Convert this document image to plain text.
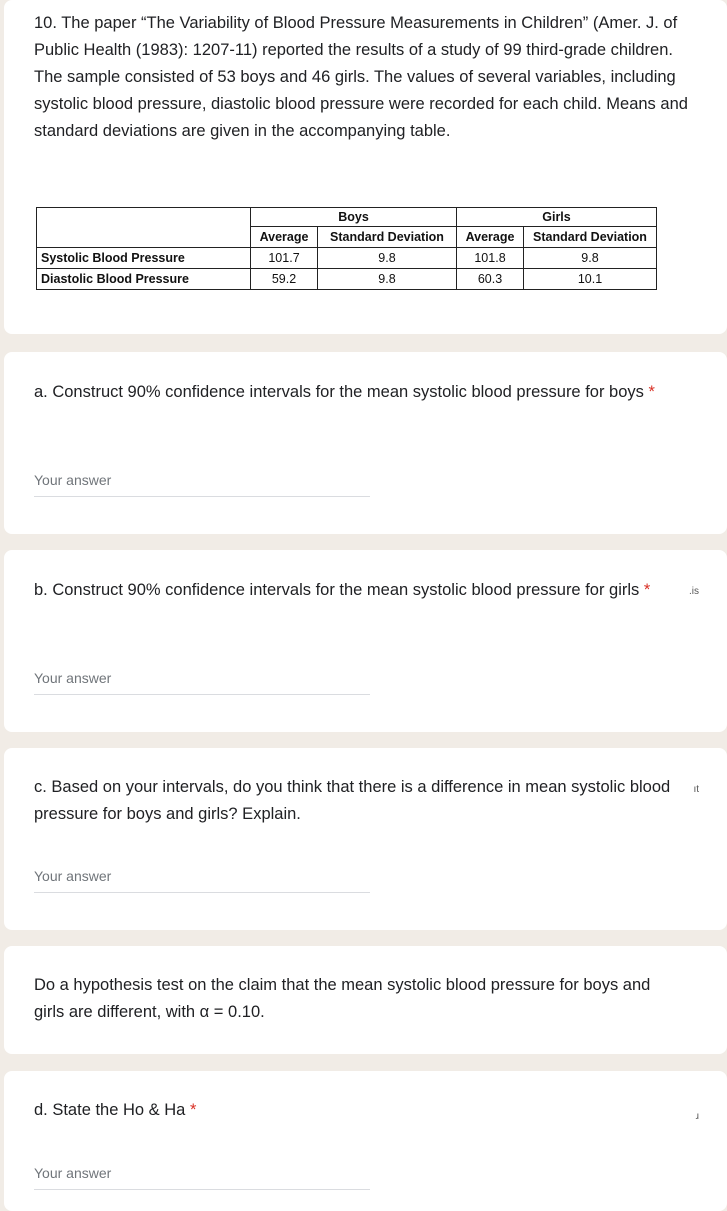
10. The paper “The Variability of Blood Pressure Measurements in Children” (Amer. J. of Public Health (1983): 1207-11) reported the results of a study of 99 third-grade children. The sample consisted of 53 boys and 46 girls. The values of several variables, including systolic blood pressure, diastolic blood pressure were recorded for each child. Means and standard deviations are given in the accompanying table.

	Boys		Girls	
	Average	Standard Deviation	Average	Standard Deviation
Systolic Blood Pressure	101.7	9.8	101.8	9.8
Diastolic Blood Pressure	59.2	9.8	60.3	10.1

a. Construct 90% confidence intervals for the mean systolic blood pressure for boys *

Your answer

b. Construct 90% confidence intervals for the mean systolic blood pressure for girls *

Your answer
.is

c. Based on your intervals, do you think that there is a difference in mean systolic blood pressure for boys and girls? Explain.

Your answer
ıt

Do a hypothesis test on the claim that the mean systolic blood pressure for boys and girls are different, with α = 0.10.

d. State the Ho & Ha *

Your answer
ɹ
